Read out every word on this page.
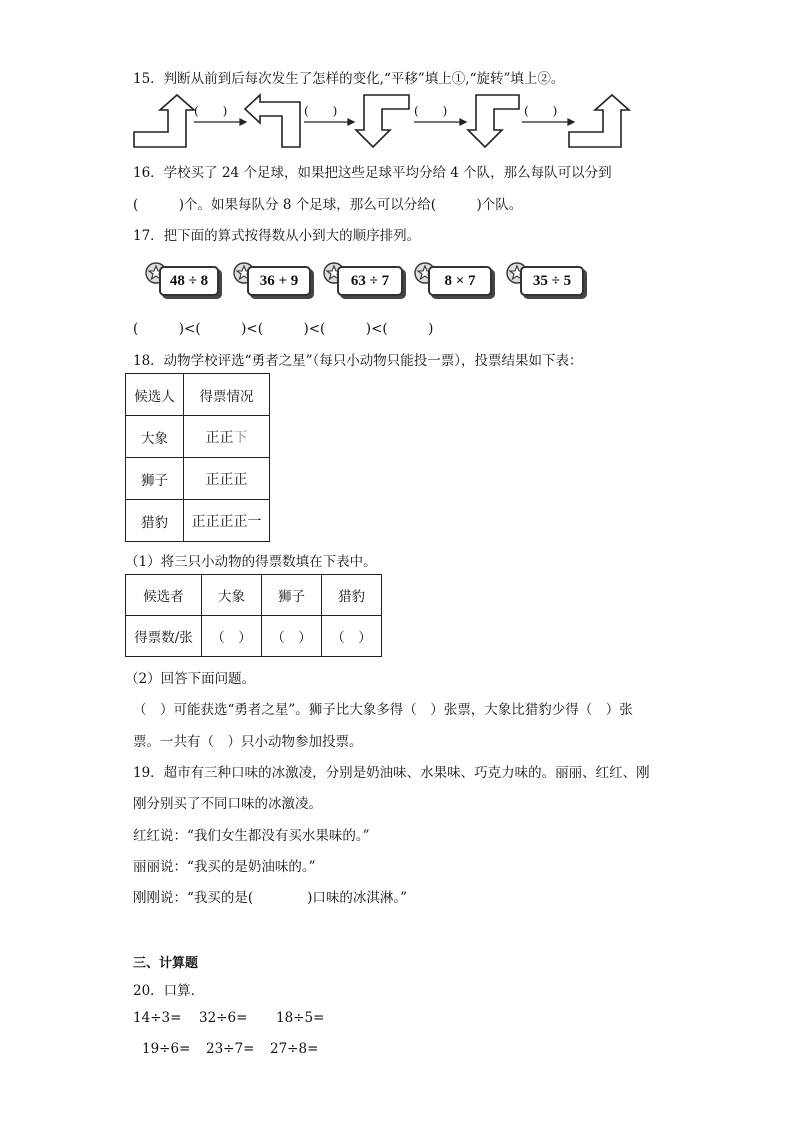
15．判断从前到后每次发生了怎样的变化,“平移”填上①,“旋转”填上②。
(　　)	(　　)	(　　)	(　　)
16．学校买了 24 个足球，如果把这些足球平均分给 4 个队，那么每队可以分到
(　　　)个。如果每队分 8 个足球，那么可以分给(　　　)个队。
17．把下面的算式按得数从小到大的顺序排列。
48 ÷ 8	36 + 9	63 ÷ 7	8 × 7	35 ÷ 5
(　　　)<(　　　)<(　　　)<(　　　)<(　　　)
18．动物学校评选“勇者之星”（每只小动物只能投一票），投票结果如下表：
候选人	得票情况
大象	正正下
狮子	正正正
猎豹	正正正正一
（1）将三只小动物的得票数填在下表中。
候选者	大象	狮子	猎豹
得票数/张	（　）	（　）	（　）
（2）回答下面问题。
（　）可能获选“勇者之星”。狮子比大象多得（　）张票，大象比猎豹少得（　）张
票。一共有（　）只小动物参加投票。
19．超市有三种口味的冰激凌，分别是奶油味、水果味、巧克力味的。丽丽、红红、刚
刚分别买了不同口味的冰激凌。
红红说：“我们女生都没有买水果味的。”
丽丽说：“我买的是奶油味的。”
刚刚说：“我买的是(　　　　)口味的冰淇淋。”
三、计算题
20．口算．
14÷3= 32÷6= 18÷5=
19÷6= 23÷7= 27÷8=
